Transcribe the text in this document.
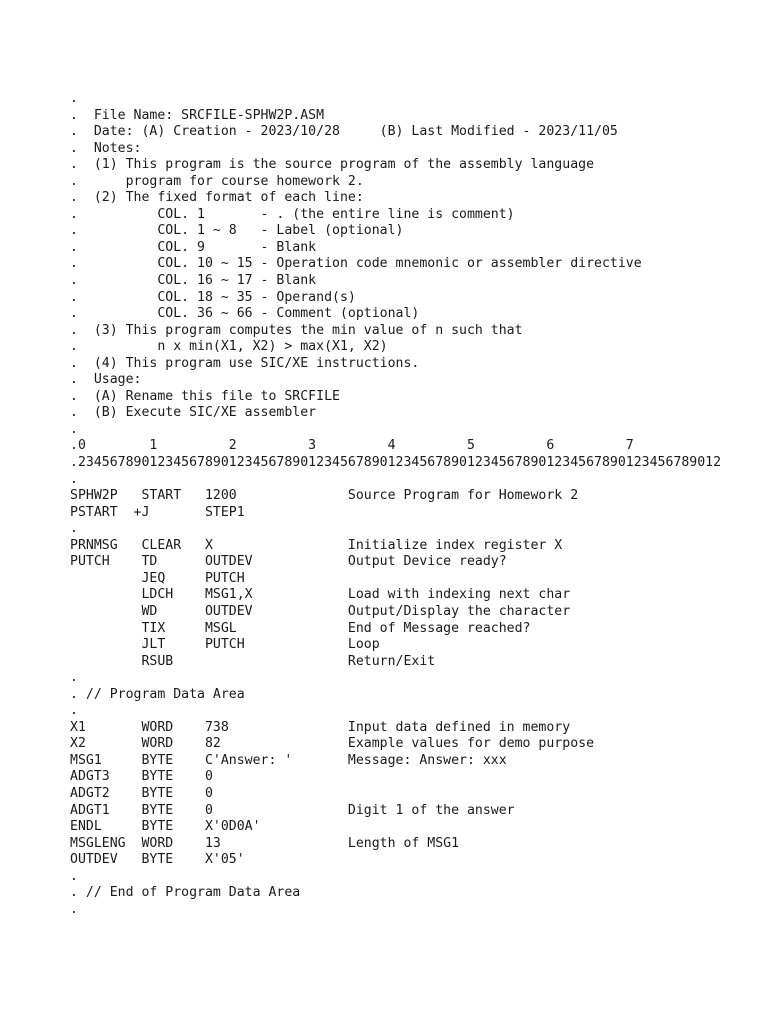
.
.  File Name: SRCFILE-SPHW2P.ASM
.  Date: (A) Creation - 2023/10/28     (B) Last Modified - 2023/11/05
.  Notes:
.  (1) This program is the source program of the assembly language
.      program for course homework 2.
.  (2) The fixed format of each line:
.          COL. 1       - . (the entire line is comment)
.          COL. 1 ~ 8   - Label (optional)
.          COL. 9       - Blank
.          COL. 10 ~ 15 - Operation code mnemonic or assembler directive
.          COL. 16 ~ 17 - Blank
.          COL. 18 ~ 35 - Operand(s)
.          COL. 36 ~ 66 - Comment (optional)
.  (3) This program computes the min value of n such that
.          n x min(X1, X2) > max(X1, X2)
.  (4) This program use SIC/XE instructions.
.  Usage:
.  (A) Rename this file to SRCFILE
.  (B) Execute SIC/XE assembler
.
.0        1         2         3         4         5         6         7
.234567890123456789012345678901234567890123456789012345678901234567890123456789012
.
SPHW2P   START   1200              Source Program for Homework 2
PSTART  +J       STEP1
.
PRNMSG   CLEAR   X                 Initialize index register X
PUTCH    TD      OUTDEV            Output Device ready?
JEQ     PUTCH
LDCH    MSG1,X            Load with indexing next char
WD      OUTDEV            Output/Display the character
TIX     MSGL              End of Message reached?
JLT     PUTCH             Loop
RSUB                      Return/Exit
.
. // Program Data Area
.
X1       WORD    738               Input data defined in memory
X2       WORD    82                Example values for demo purpose
MSG1     BYTE    C'Answer: '       Message: Answer: xxx
ADGT3    BYTE    0
ADGT2    BYTE    0
ADGT1    BYTE    0                 Digit 1 of the answer
ENDL     BYTE    X'0D0A'
MSGLENG  WORD    13                Length of MSG1
OUTDEV   BYTE    X'05'
.
. // End of Program Data Area
.
